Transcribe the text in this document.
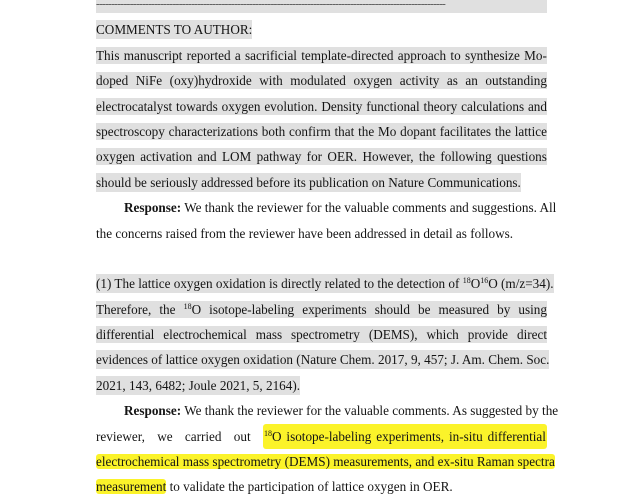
------------------------------------------------------------------------------------------------------------------
COMMENTS TO AUTHOR:
This manuscript reported a sacrificial template-directed approach to synthesize Mo-
doped NiFe (oxy)hydroxide with modulated oxygen activity as an outstanding
electrocatalyst towards oxygen evolution. Density functional theory calculations and
spectroscopy characterizations both confirm that the Mo dopant facilitates the lattice
oxygen activation and LOM pathway for OER. However, the following questions
should be seriously addressed before its publication on Nature Communications.
Response: We thank the reviewer for the valuable comments and suggestions. All
the concerns raised from the reviewer have been addressed in detail as follows.
(1) The lattice oxygen oxidation is directly related to the detection of $^{18}O^{16}O$ (m/z=34).
Therefore, the $^{18}$O isotope-labeling experiments should be measured by using
differential electrochemical mass spectrometry (DEMS), which provide direct
evidences of lattice oxygen oxidation (Nature Chem. 2017, 9, 457; J. Am. Chem. Soc.
2021, 143, 6482; Joule 2021, 5, 2164).
Response: We thank the reviewer for the valuable comments. As suggested by the
reviewer, we carried out $^{18}$O isotope-labeling experiments, in-situ differential
electrochemical mass spectrometry (DEMS) measurements, and ex-situ Raman spectra
measurement to validate the participation of lattice oxygen in OER.
